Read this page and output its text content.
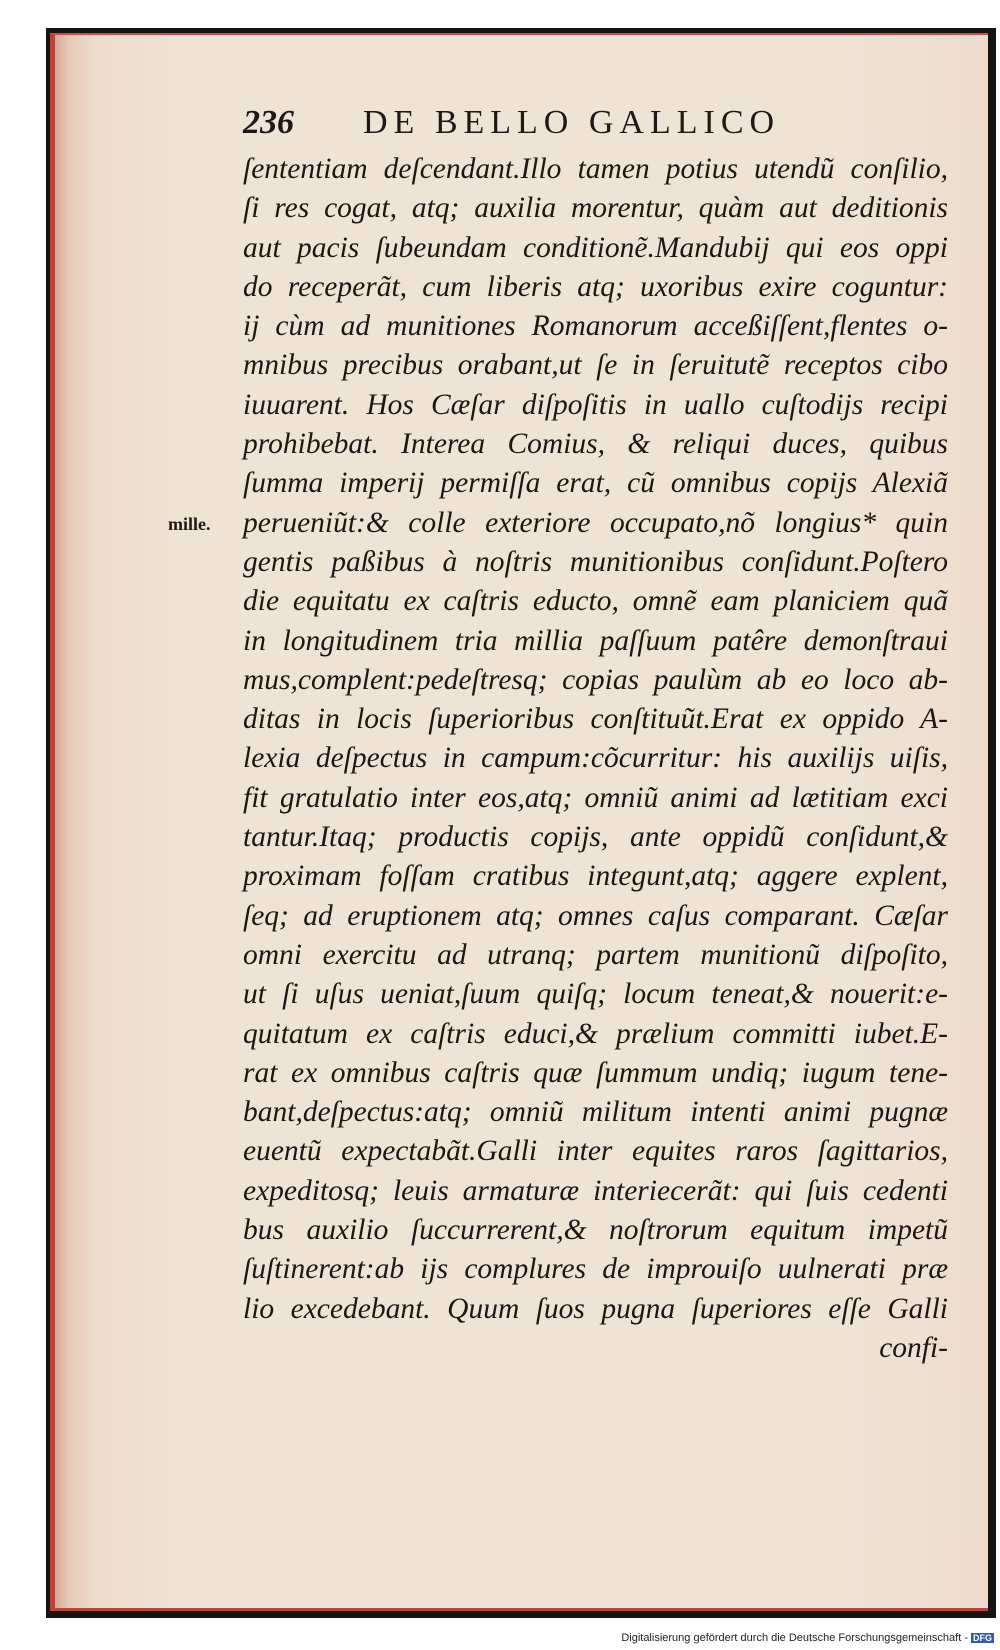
236 DE BELLO GALLICO
mille.
ſententiam deſcendant.Illo tamen potius utendũ conſilio,
ſi res cogat, atq; auxilia morentur, quàm aut deditionis
aut pacis ſubeundam conditionẽ.Mandubij qui eos oppi
do receperãt, cum liberis atq; uxoribus exire coguntur:
ij cùm ad munitiones Romanorum acceßiſſent,flentes o-
mnibus precibus orabant,ut ſe in ſeruitutẽ receptos cibo
iuuarent. Hos Cæſar diſpoſitis in uallo cuſtodijs recipi
prohibebat. Interea Comius, & reliqui duces, quibus
ſumma imperij permiſſa erat, cũ omnibus copijs Alexiã
perueniũt:& colle exteriore occupato,nõ longius* quin
gentis paßibus à noſtris munitionibus conſidunt.Poſtero
die equitatu ex caſtris educto, omnẽ eam planiciem quã
in longitudinem tria millia paſſuum patêre demonſtraui
mus,complent:pedeſtresq; copias paulùm ab eo loco ab-
ditas in locis ſuperioribus conſtituũt.Erat ex oppido A-
lexia deſpectus in campum:cõcurritur: his auxilijs uiſis,
fit gratulatio inter eos,atq; omniũ animi ad lætitiam exci
tantur.Itaq; productis copijs, ante oppidũ conſidunt,&
proximam foſſam cratibus integunt,atq; aggere explent,
ſeq; ad eruptionem atq; omnes caſus comparant. Cæſar
omni exercitu ad utranq; partem munitionũ diſpoſito,
ut ſi uſus ueniat,ſuum quiſq; locum teneat,& nouerit:e-
quitatum ex caſtris educi,& prælium committi iubet.E-
rat ex omnibus caſtris quæ ſummum undiq; iugum tene-
bant,deſpectus:atq; omniũ militum intenti animi pugnæ
euentũ expectabãt.Galli inter equites raros ſagittarios,
expeditosq; leuis armaturæ interiecerãt: qui ſuis cedenti
bus auxilio ſuccurrerent,& noſtrorum equitum impetũ
ſuſtinerent:ab ijs complures de improuiſo uulnerati præ
lio excedebant. Quum ſuos pugna ſuperiores eſſe Galli
confi-
Digitalisierung gefördert durch die Deutsche Forschungsgemeinschaft - DFG
